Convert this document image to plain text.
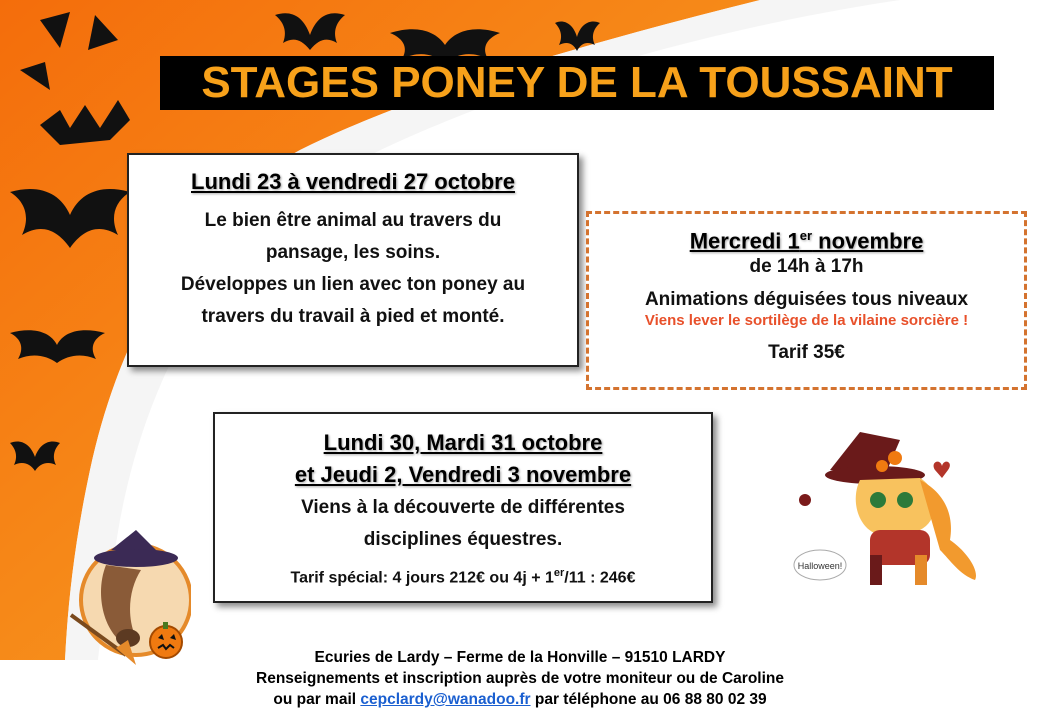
STAGES PONEY DE LA TOUSSAINT
Lundi 23 à vendredi 27 octobre
Le bien être animal au travers du
pansage, les soins.
Développes un lien avec ton poney au
travers du travail à pied et monté.
Mercredi 1er novembre
de 14h à 17h
Animations déguisées tous niveaux
Viens lever le sortilège de la vilaine sorcière !
Tarif 35€
Lundi 30, Mardi 31 octobre
et Jeudi 2, Vendredi 3 novembre
Viens à la découverte de différentes
disciplines équestres.
Tarif spécial: 4 jours 212€ ou 4j + 1er/11 : 246€
Halloween!
Ecuries de Lardy – Ferme de la Honville – 91510 LARDY
Renseignements et inscription auprès de votre moniteur ou de Caroline
ou par mail cepclardy@wanadoo.fr par téléphone au 06 88 80 02 39
